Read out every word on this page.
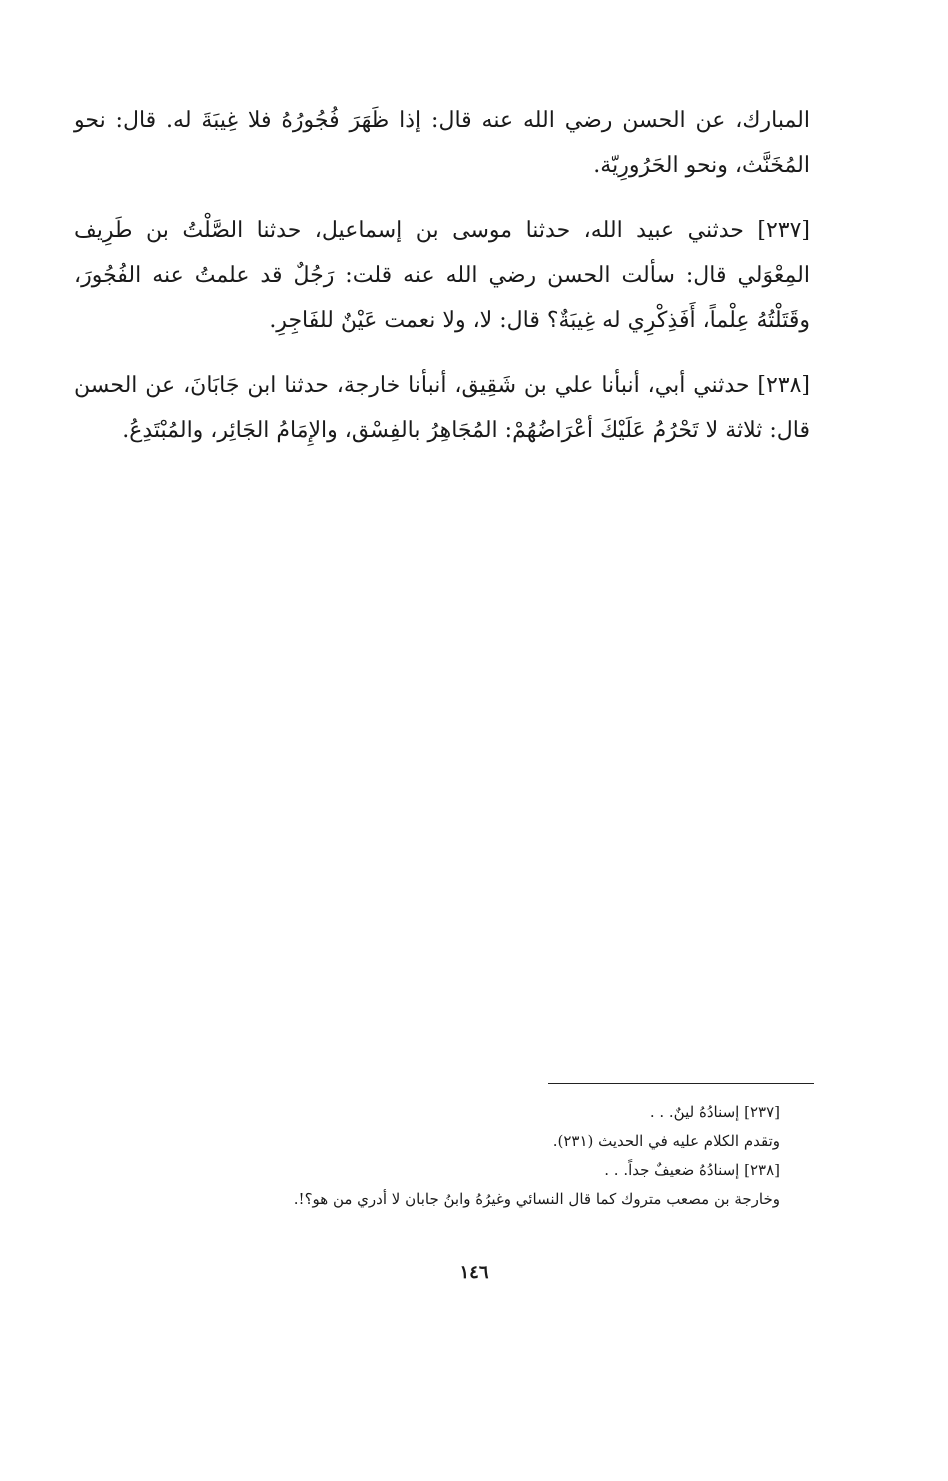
المبارك، عن الحسن رضي الله عنه قال: إذا ظَهَرَ فُجُورُهُ فلا غِيبَةَ له. قال: نحو المُخَنَّث، ونحو الحَرُورِيّة.

[٢٣٧] حدثني عبيد الله، حدثنا موسى بن إسماعيل، حدثنا الصَّلْتُ بن طَرِيف المِعْوَلي قال: سألت الحسن رضي الله عنه قلت: رَجُلٌ قد علمتُ عنه الفُجُورَ، وقَتَلْتُهُ عِلْماً، أَفَذِكْرِي له غِيبَةٌ؟ قال: لا، ولا نعمت عَيْنٌ للفَاجِرِ.

[٢٣٨] حدثني أبي، أنبأنا علي بن شَقِيق، أنبأنا خارجة، حدثنا ابن جَابَانَ، عن الحسن قال: ثلاثة لا تَحْرُمُ عَلَيْكَ أعْرَاضُهُمْ: المُجَاهِرُ بالفِسْق، والإِمَامُ الجَائِر، والمُبْتَدِعُ.

[٢٣٧] إسنادُهُ لينٌ. . .

وتقدم الكلام عليه في الحديث (٢٣١).

[٢٣٨] إسنادُهُ ضعيفٌ جداً. . .

وخارجة بن مصعب متروك كما قال النسائي وغيرُهُ وابنُ جابان لا أدري من هو؟!.

١٤٦
